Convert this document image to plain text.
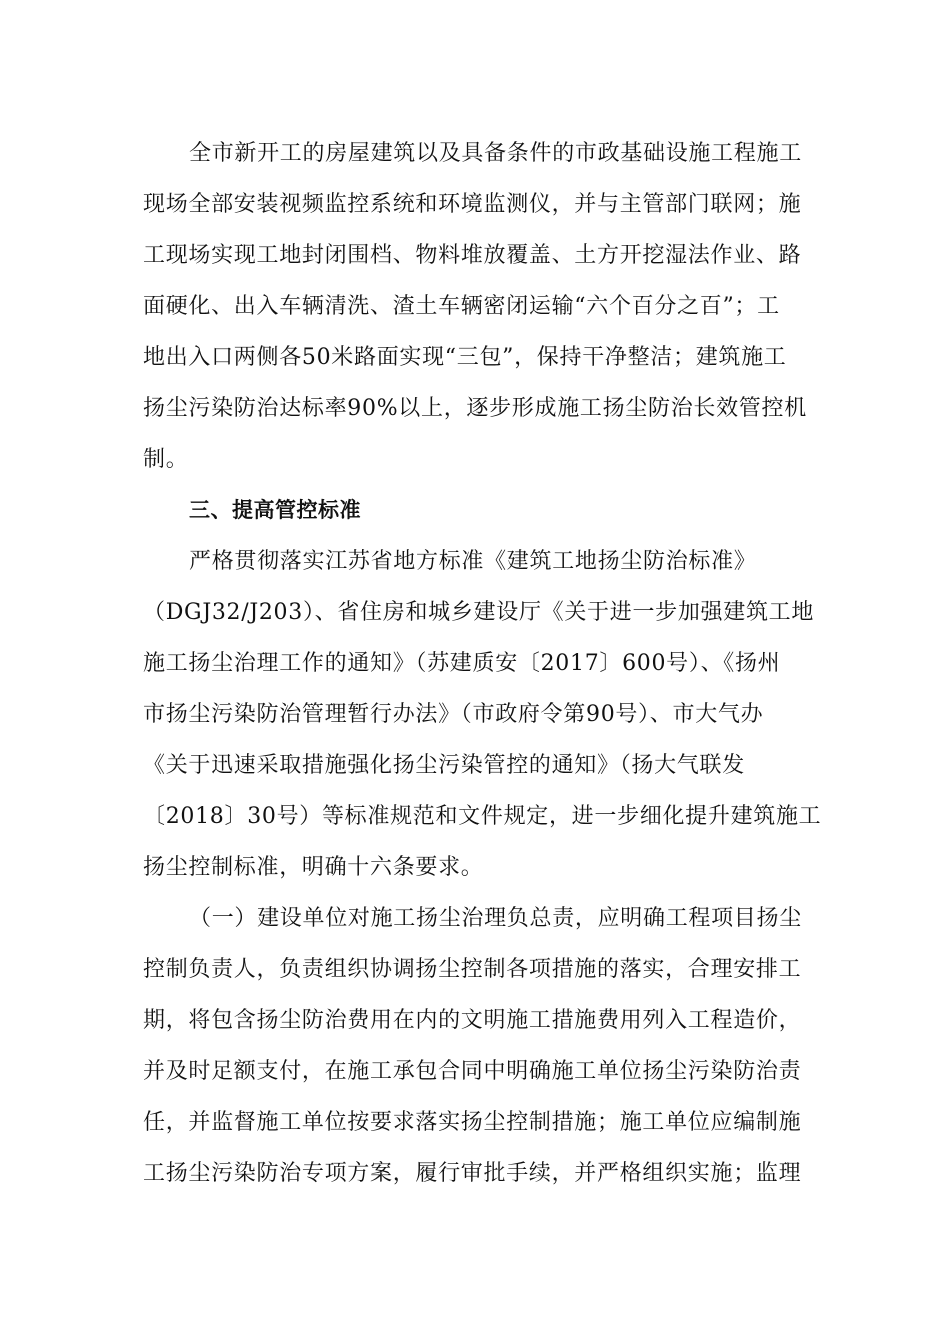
全市新开工的房屋建筑以及具备条件的市政基础设施工程施工
现场全部安装视频监控系统和环境监测仪，并与主管部门联网；施
工现场实现工地封闭围档、物料堆放覆盖、土方开挖湿法作业、路
面硬化、出入车辆清洗、渣土车辆密闭运输“六个百分之百”；工
地出入口两侧各50米路面实现“三包”，保持干净整洁；建筑施工
扬尘污染防治达标率90%以上，逐步形成施工扬尘防治长效管控机
制。
三、提高管控标准
严格贯彻落实江苏省地方标准《建筑工地扬尘防治标准》
（DGJ32/J203）、省住房和城乡建设厅《关于进一步加强建筑工地
施工扬尘治理工作的通知》（苏建质安〔2017〕600号）、《扬州
市扬尘污染防治管理暂行办法》（市政府令第90号）、市大气办
《关于迅速采取措施强化扬尘污染管控的通知》（扬大气联发
〔2018〕30号）等标准规范和文件规定，进一步细化提升建筑施工
扬尘控制标准，明确十六条要求。
（一）建设单位对施工扬尘治理负总责，应明确工程项目扬尘
控制负责人，负责组织协调扬尘控制各项措施的落实，合理安排工
期，将包含扬尘防治费用在内的文明施工措施费用列入工程造价，
并及时足额支付，在施工承包合同中明确施工单位扬尘污染防治责
任，并监督施工单位按要求落实扬尘控制措施；施工单位应编制施
工扬尘污染防治专项方案，履行审批手续，并严格组织实施；监理
